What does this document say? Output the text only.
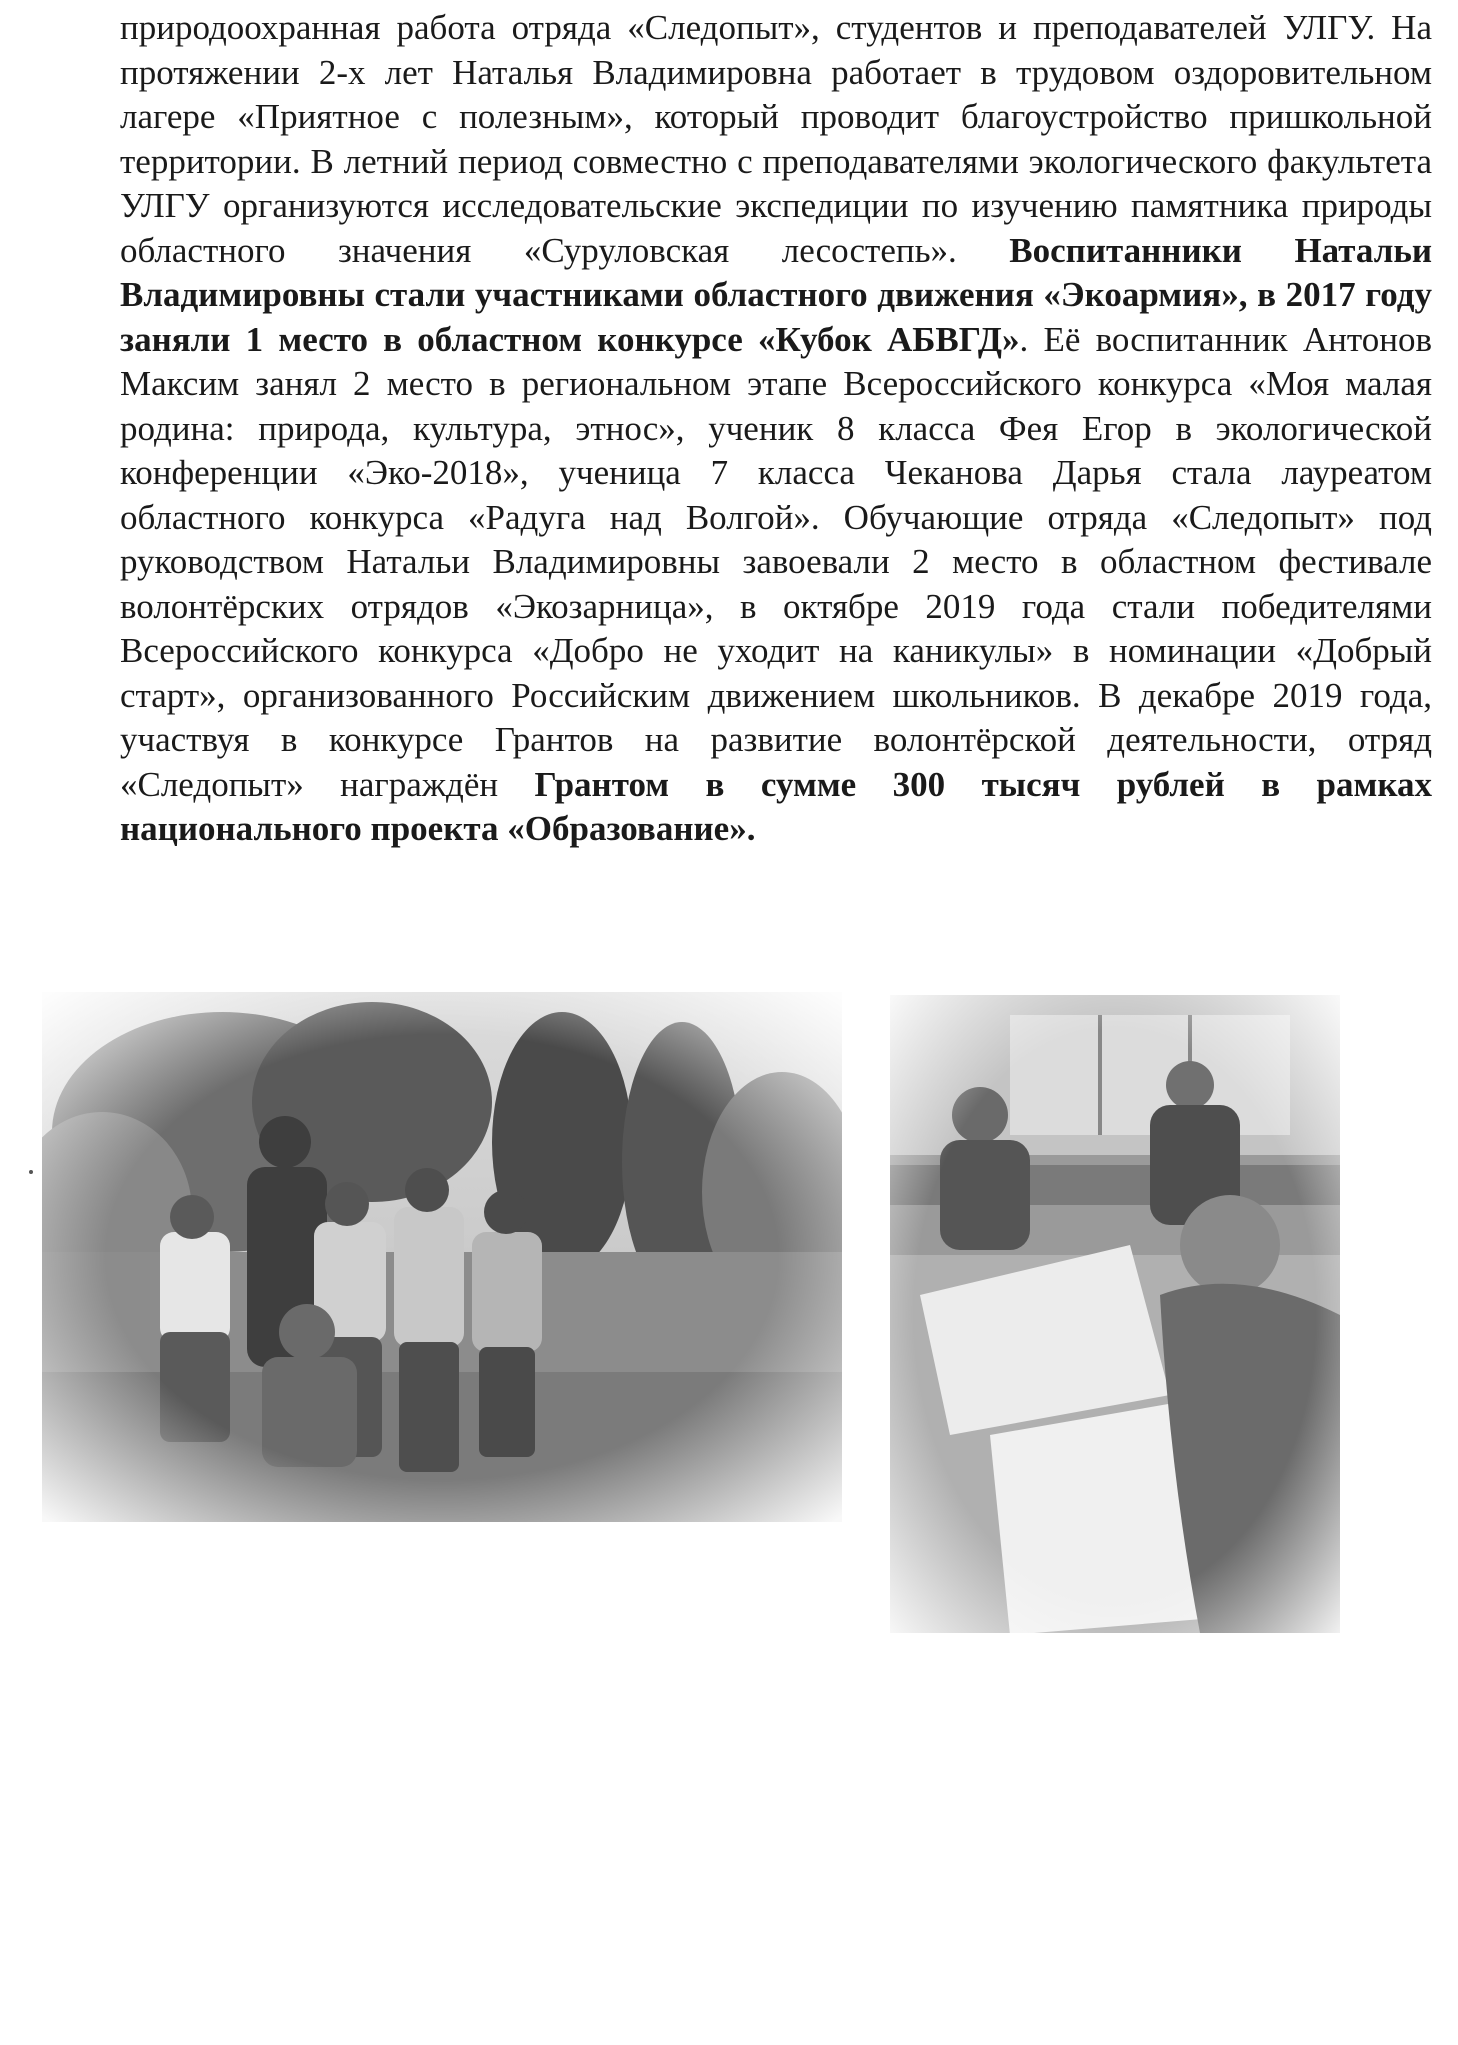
природоохранная работа отряда «Следопыт», студентов и преподавателей УЛГУ. На протяжении 2-х лет Наталья Владимировна работает в трудовом оздоровительном лагере «Приятное с полезным», который проводит благоустройство пришкольной территории. В летний период совместно с преподавателями экологического факультета УЛГУ организуются исследовательские экспедиции по изучению памятника природы областного значения «Суруловская лесостепь». Воспитанники Натальи Владимировны стали участниками областного движения «Экоармия», в 2017 году заняли 1 место в областном конкурсе «Кубок АБВГД». Её воспитанник Антонов Максим занял 2 место в региональном этапе Всероссийского конкурса «Моя малая родина: природа, культура, этнос», ученик 8 класса Фея Егор в экологической конференции «Эко-2018», ученица 7 класса Чеканова Дарья стала лауреатом областного конкурса «Радуга над Волгой». Обучающие отряда «Следопыт» под руководством Натальи Владимировны завоевали 2 место в областном фестивале волонтёрских отрядов «Экозарница», в октябре 2019 года стали победителями Всероссийского конкурса «Добро не уходит на каникулы» в номинации «Добрый старт», организованного Российским движением школьников. В декабре 2019 года, участвуя в конкурсе Грантов на развитие волонтёрской деятельности, отряд «Следопыт» награждён Грантом в сумме 300 тысяч рублей в рамках национального проекта «Образование».
